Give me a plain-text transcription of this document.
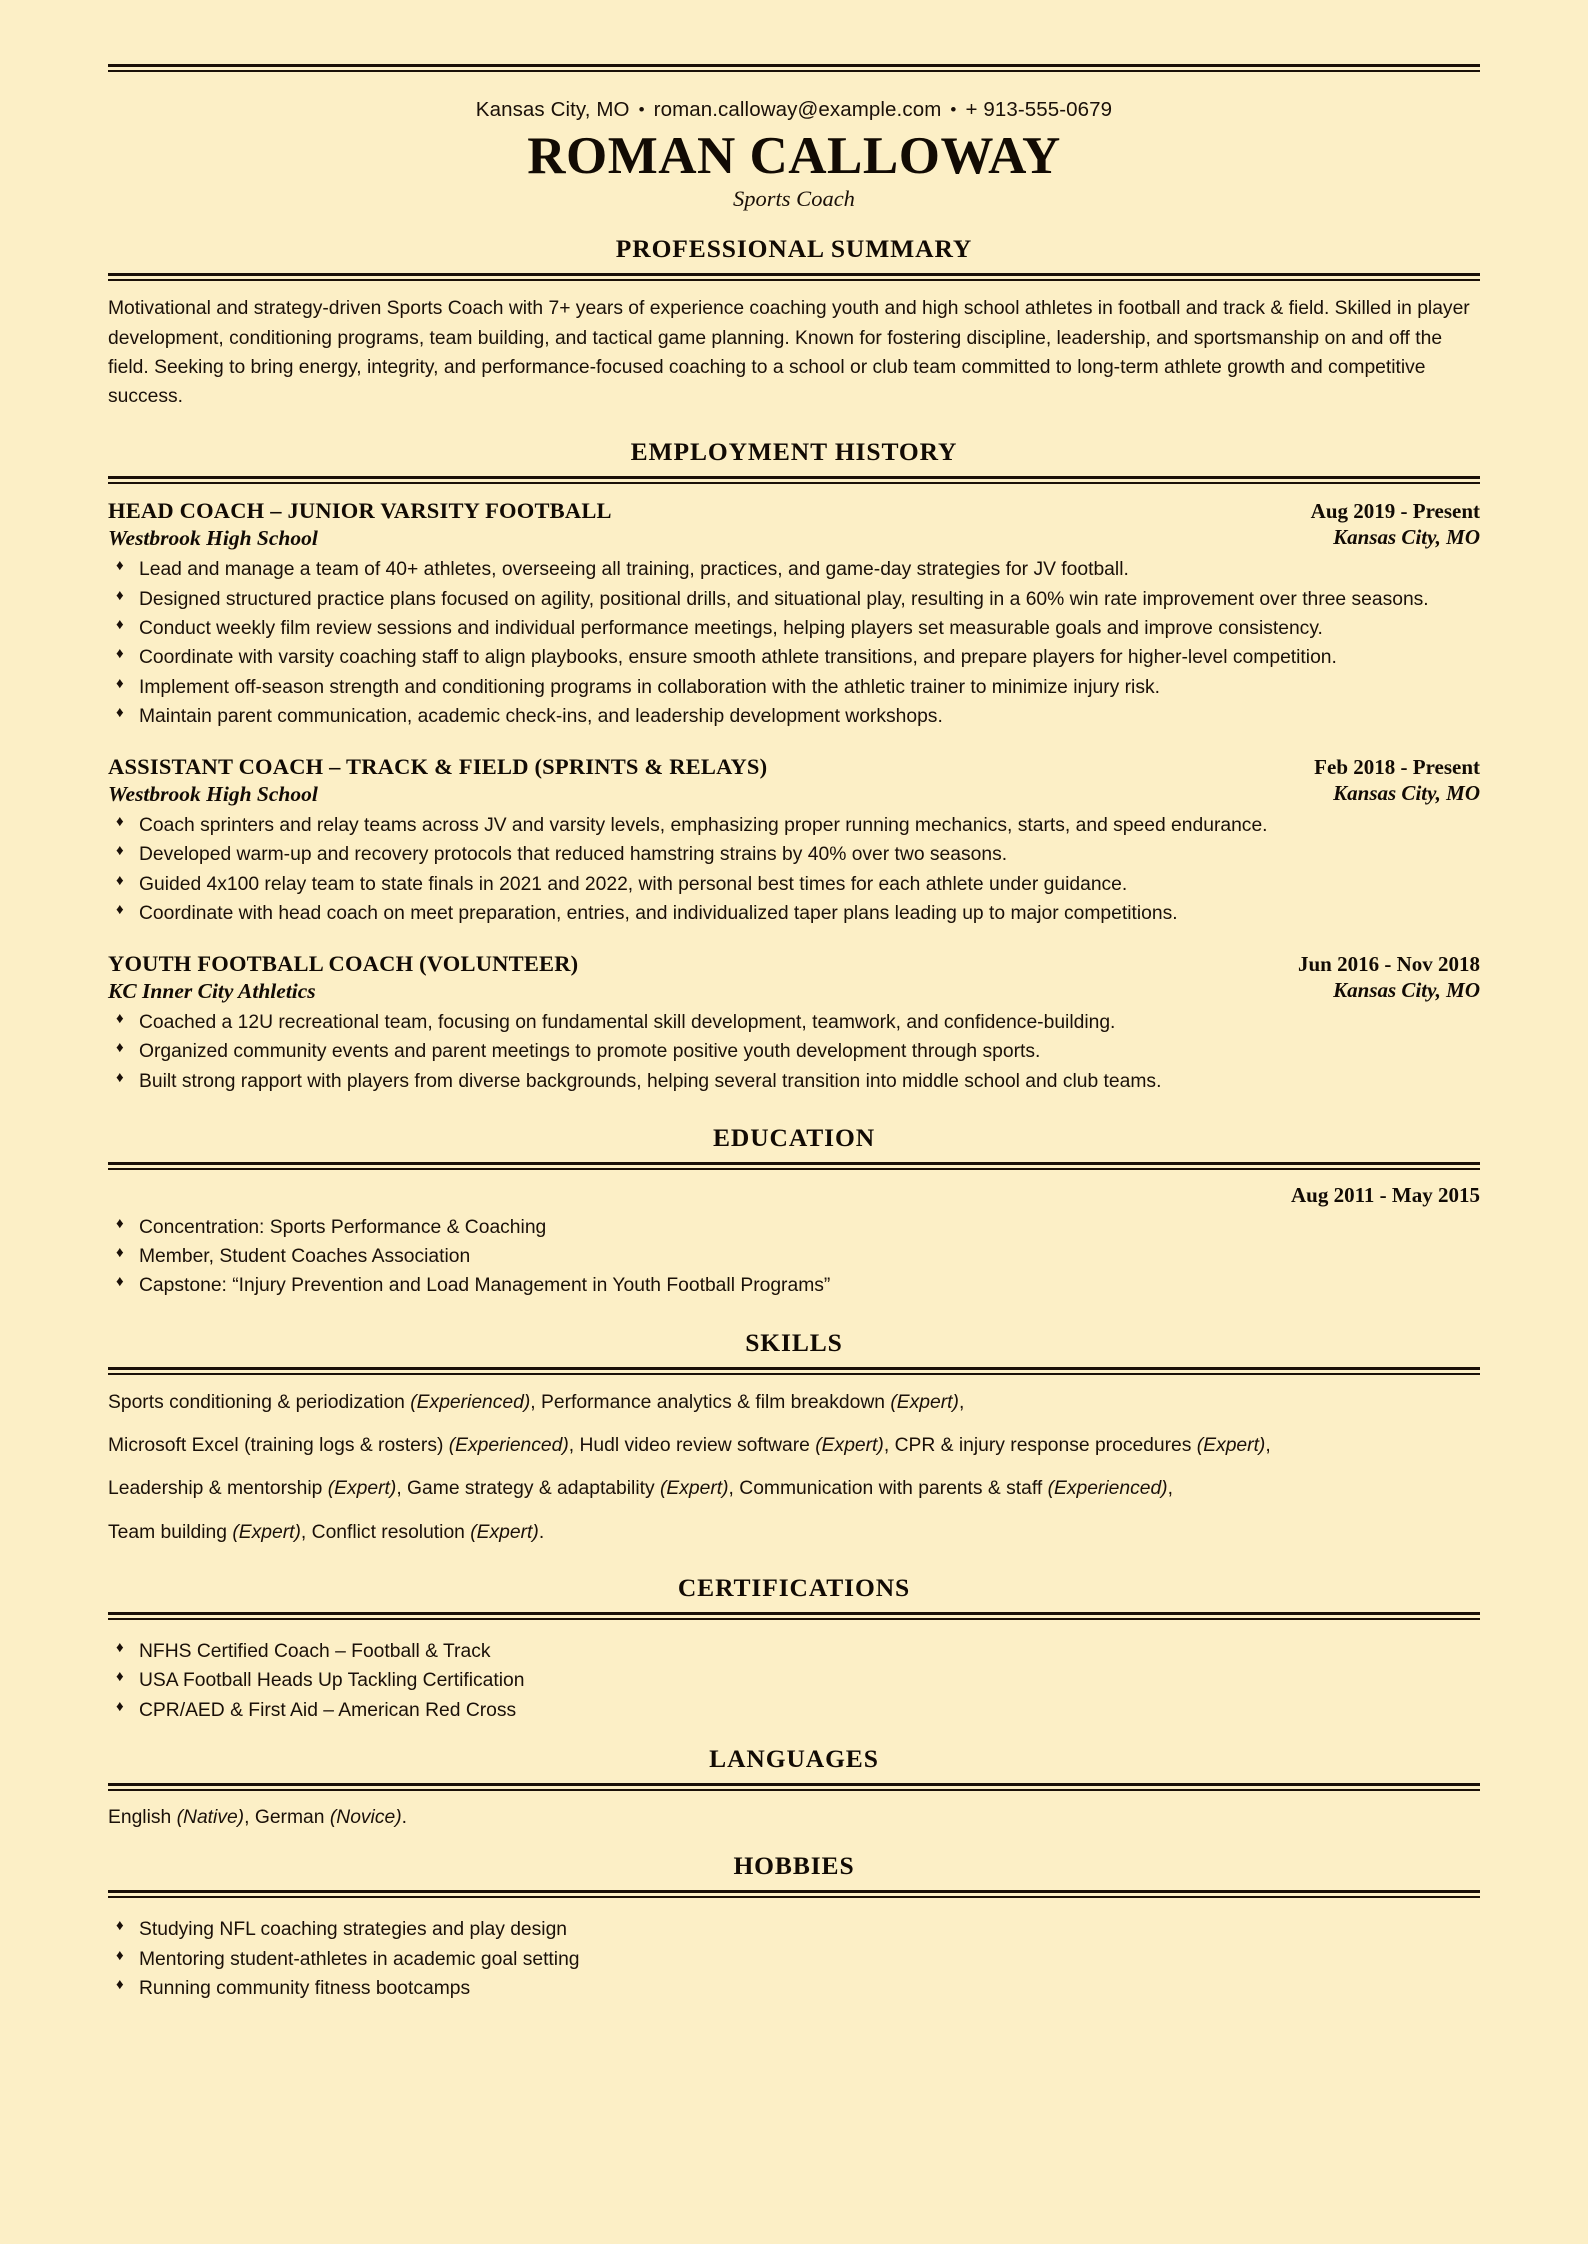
Kansas City, MO • roman.calloway@example.com • + 913-555-0679
ROMAN CALLOWAY
Sports Coach
PROFESSIONAL SUMMARY

Motivational and strategy-driven Sports Coach with 7+ years of experience coaching youth and high school athletes in football and track & field. Skilled in player development, conditioning programs, team building, and tactical game planning. Known for fostering discipline, leadership, and sportsmanship on and off the field. Seeking to bring energy, integrity, and performance-focused coaching to a school or club team committed to long-term athlete growth and competitive success.

EMPLOYMENT HISTORY
HEAD COACH – JUNIOR VARSITY FOOTBALL
Westbrook High School
Aug 2019 - Present
Kansas City, MO
♦ Lead and manage a team of 40+ athletes, overseeing all training, practices, and game-day strategies for JV football.
♦ Designed structured practice plans focused on agility, positional drills, and situational play, resulting in a 60% win rate improvement over three seasons.
♦ Conduct weekly film review sessions and individual performance meetings, helping players set measurable goals and improve consistency.
♦ Coordinate with varsity coaching staff to align playbooks, ensure smooth athlete transitions, and prepare players for higher-level competition.
♦ Implement off-season strength and conditioning programs in collaboration with the athletic trainer to minimize injury risk.
♦ Maintain parent communication, academic check-ins, and leadership development workshops.
ASSISTANT COACH – TRACK & FIELD (SPRINTS & RELAYS)
Westbrook High School
Feb 2018 - Present
Kansas City, MO
♦ Coach sprinters and relay teams across JV and varsity levels, emphasizing proper running mechanics, starts, and speed endurance.
♦ Developed warm-up and recovery protocols that reduced hamstring strains by 40% over two seasons.
♦ Guided 4x100 relay team to state finals in 2021 and 2022, with personal best times for each athlete under guidance.
♦ Coordinate with head coach on meet preparation, entries, and individualized taper plans leading up to major competitions.
YOUTH FOOTBALL COACH (VOLUNTEER)
KC Inner City Athletics
Jun 2016 - Nov 2018
Kansas City, MO
♦ Coached a 12U recreational team, focusing on fundamental skill development, teamwork, and confidence-building.
♦ Organized community events and parent meetings to promote positive youth development through sports.
♦ Built strong rapport with players from diverse backgrounds, helping several transition into middle school and club teams.
EDUCATION
Aug 2011 - May 2015
♦ Concentration: Sports Performance & Coaching
♦ Member, Student Coaches Association
♦ Capstone: “Injury Prevention and Load Management in Youth Football Programs”
SKILLS

Sports conditioning & periodization (Experienced), Performance analytics & film breakdown (Expert),

Microsoft Excel (training logs & rosters) (Experienced), Hudl video review software (Expert), CPR & injury response procedures (Expert),

Leadership & mentorship (Expert), Game strategy & adaptability (Expert), Communication with parents & staff (Experienced),

Team building (Expert), Conflict resolution (Expert).

CERTIFICATIONS
♦ NFHS Certified Coach – Football & Track
♦ USA Football Heads Up Tackling Certification
♦ CPR/AED & First Aid – American Red Cross
LANGUAGES

English (Native), German (Novice).

HOBBIES
♦ Studying NFL coaching strategies and play design
♦ Mentoring student-athletes in academic goal setting
♦ Running community fitness bootcamps
